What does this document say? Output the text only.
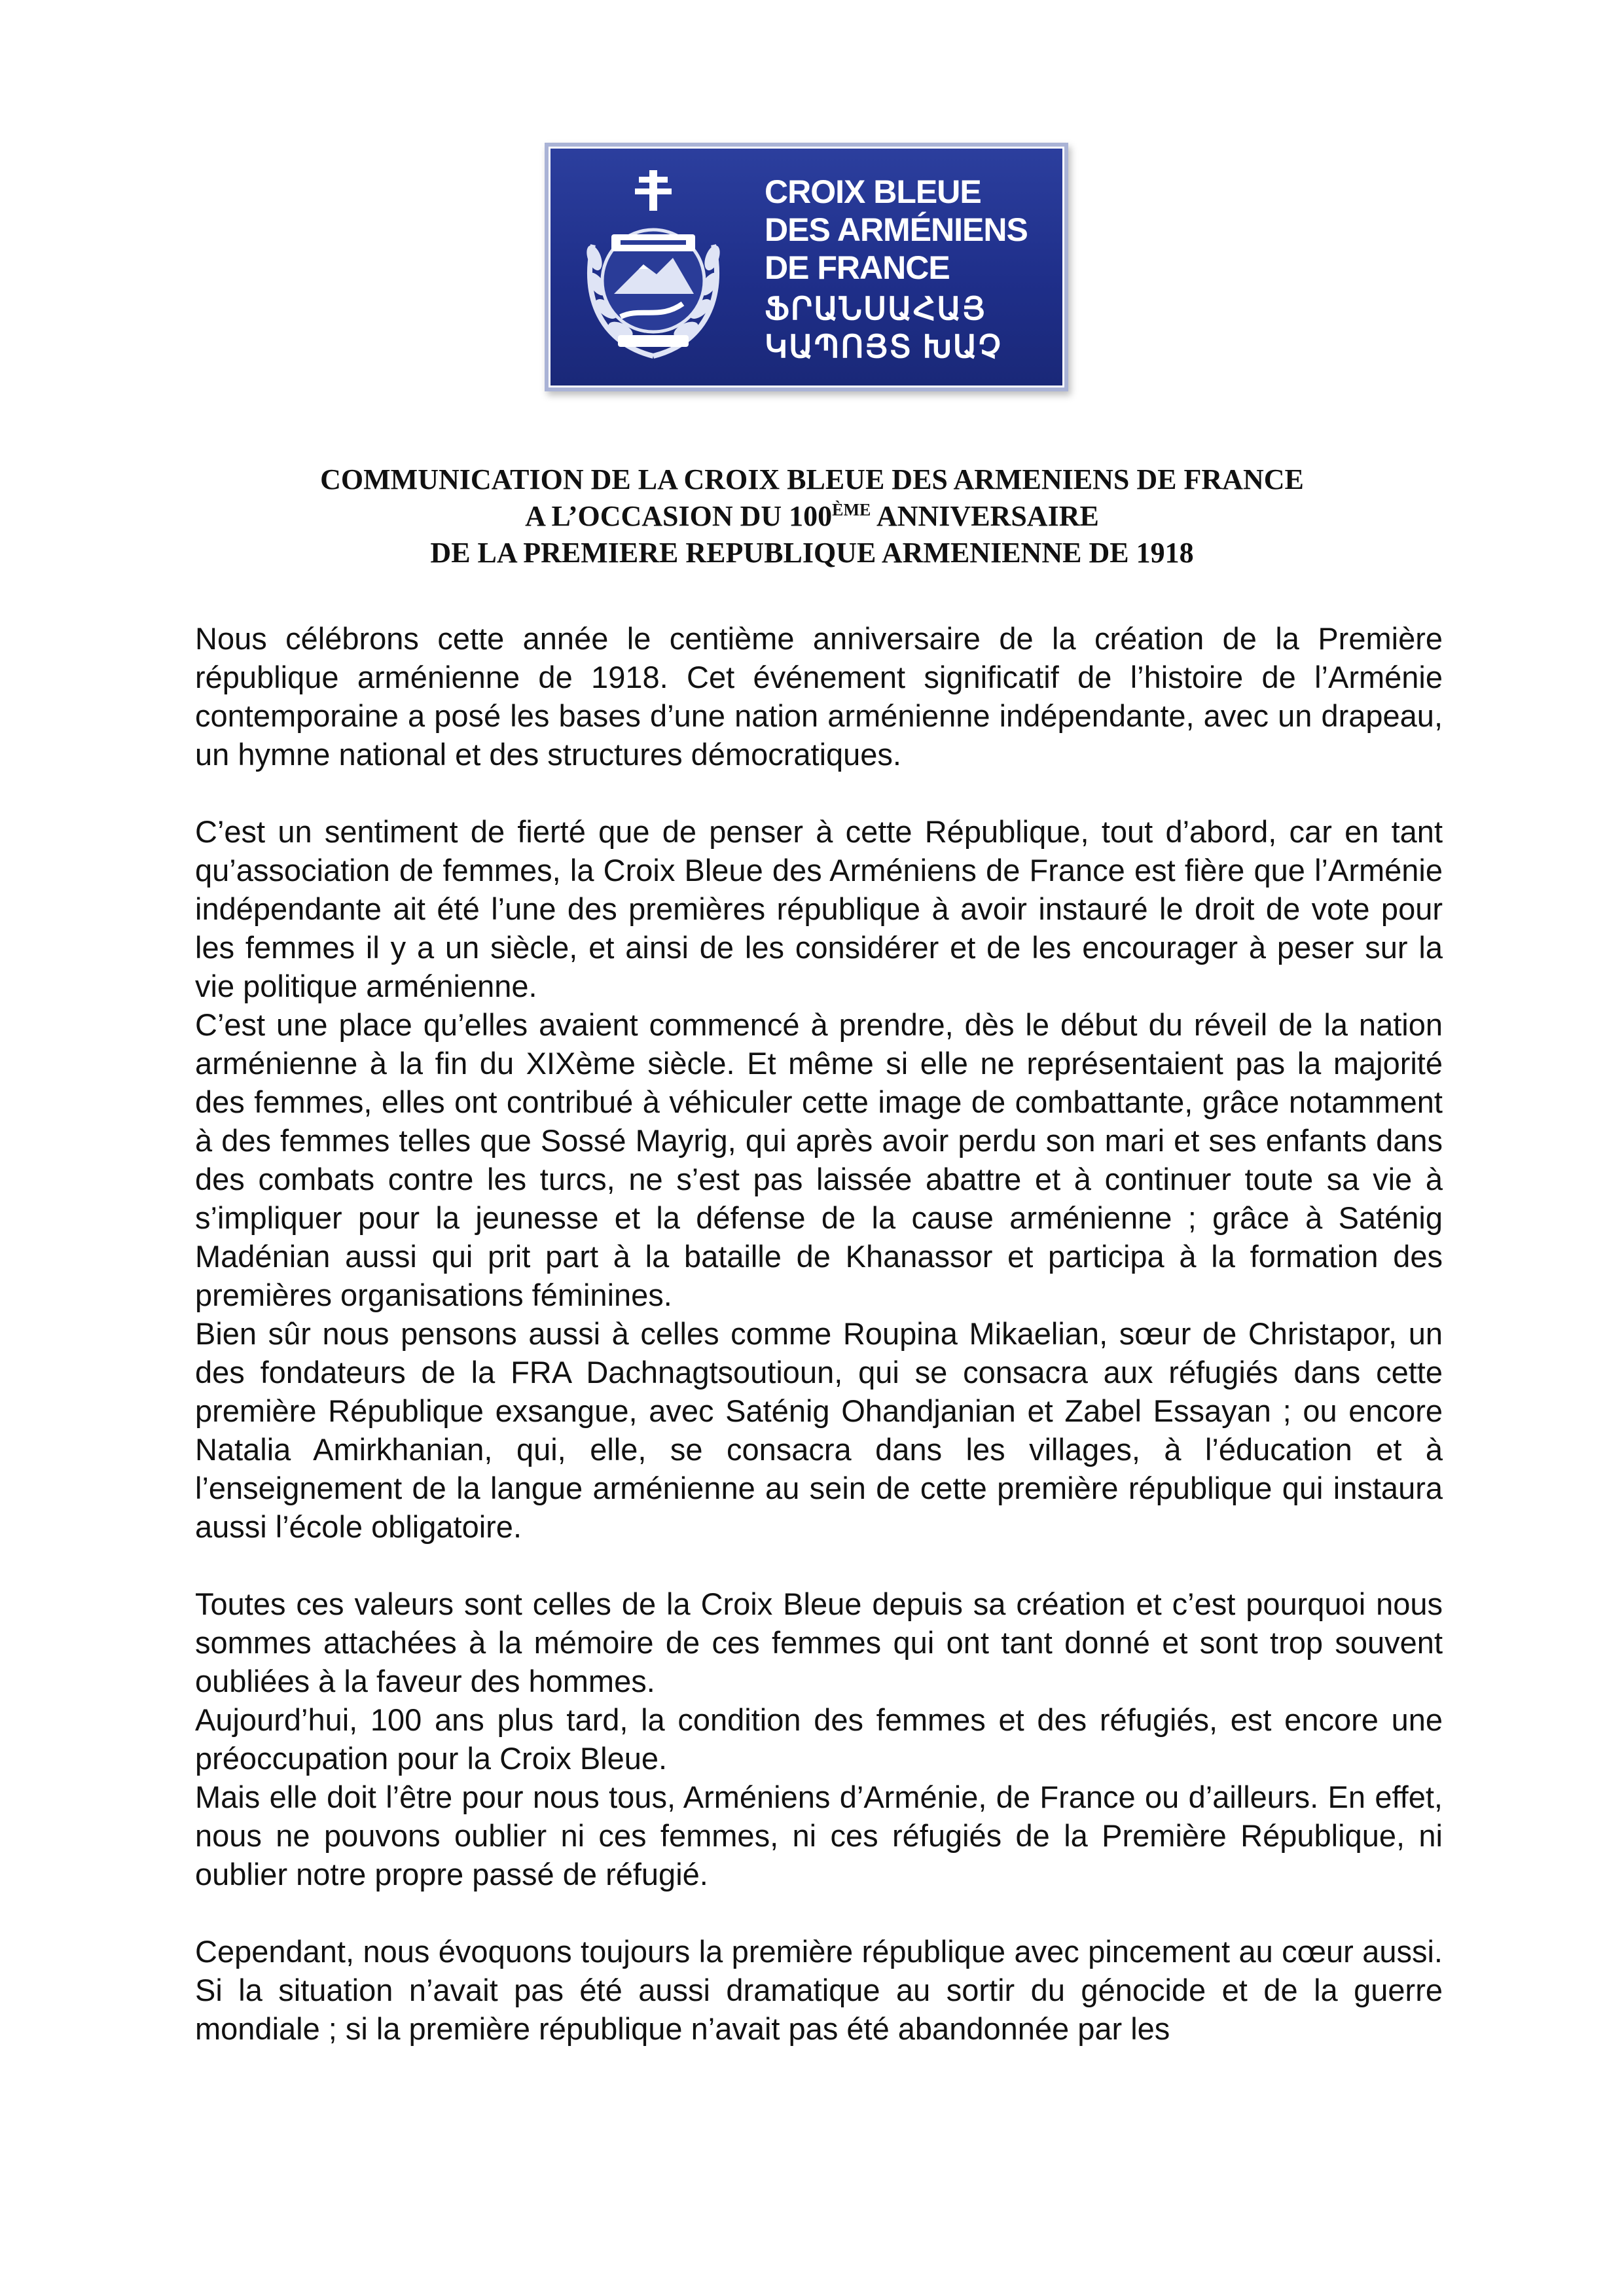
CROIX BLEUE
DES ARMÉNIENS
DE FRANCE
ՖՐԱՆՍԱՀԱՅ
ԿԱՊՈՅՏ ԽԱՉ
COMMUNICATION DE LA CROIX BLEUE DES ARMENIENS DE FRANCE
A L’OCCASION DU 100ÈME ANNIVERSAIRE
DE LA PREMIERE REPUBLIQUE ARMENIENNE DE 1918

Nous célébrons cette année le centième anniversaire de la création de la Première république arménienne de 1918. Cet événement significatif de l’histoire de l’Arménie contemporaine a posé les bases d’une nation arménienne indépendante, avec un drapeau, un hymne national et des structures démocratiques.

C’est un sentiment de fierté que de penser à cette République, tout d’abord, car en tant qu’association de femmes, la Croix Bleue des Arméniens de France est fière que l’Arménie indépendante ait été l’une des premières république à avoir instauré le droit de vote pour les femmes il y a un siècle, et ainsi de les considérer et de les encourager à peser sur la vie politique arménienne.

C’est une place qu’elles avaient commencé à prendre, dès le début du réveil de la nation arménienne à la fin du XIXème siècle. Et même si elle ne représentaient pas la majorité des femmes, elles ont contribué à véhiculer cette image de combattante, grâce notamment à des femmes telles que Sossé Mayrig, qui après avoir perdu son mari et ses enfants dans des combats contre les turcs, ne s’est pas laissée abattre et à continuer toute sa vie à s’impliquer pour la jeunesse et la défense de la cause arménienne ; grâce à Saténig Madénian aussi qui prit part à la bataille de Khanassor et participa à la formation des premières organisations féminines.

Bien sûr nous pensons aussi à celles comme Roupina Mikaelian, sœur de Christapor, un des fondateurs de la FRA Dachnagtsoutioun, qui se consacra aux réfugiés dans cette première République exsangue, avec Saténig Ohandjanian et Zabel Essayan ; ou encore Natalia Amirkhanian, qui, elle, se consacra dans les villages, à l’éducation et à l’enseignement de la langue arménienne au sein de cette première république qui instaura aussi l’école obligatoire.

Toutes ces valeurs sont celles de la Croix Bleue depuis sa création et c’est pourquoi nous sommes attachées à la mémoire de ces femmes qui ont tant donné et sont trop souvent oubliées à la faveur des hommes.

Aujourd’hui, 100 ans plus tard, la condition des femmes et des réfugiés, est encore une préoccupation pour la Croix Bleue.

Mais elle doit l’être pour nous tous, Arméniens d’Arménie, de France ou d’ailleurs. En effet, nous ne pouvons oublier ni ces femmes, ni ces réfugiés de la Première République, ni oublier notre propre passé de réfugié.

Cependant, nous évoquons toujours la première république avec pincement au cœur aussi. Si la situation n’avait pas été aussi dramatique au sortir du génocide et de la guerre mondiale ; si la première république n’avait pas été abandonnée par les
